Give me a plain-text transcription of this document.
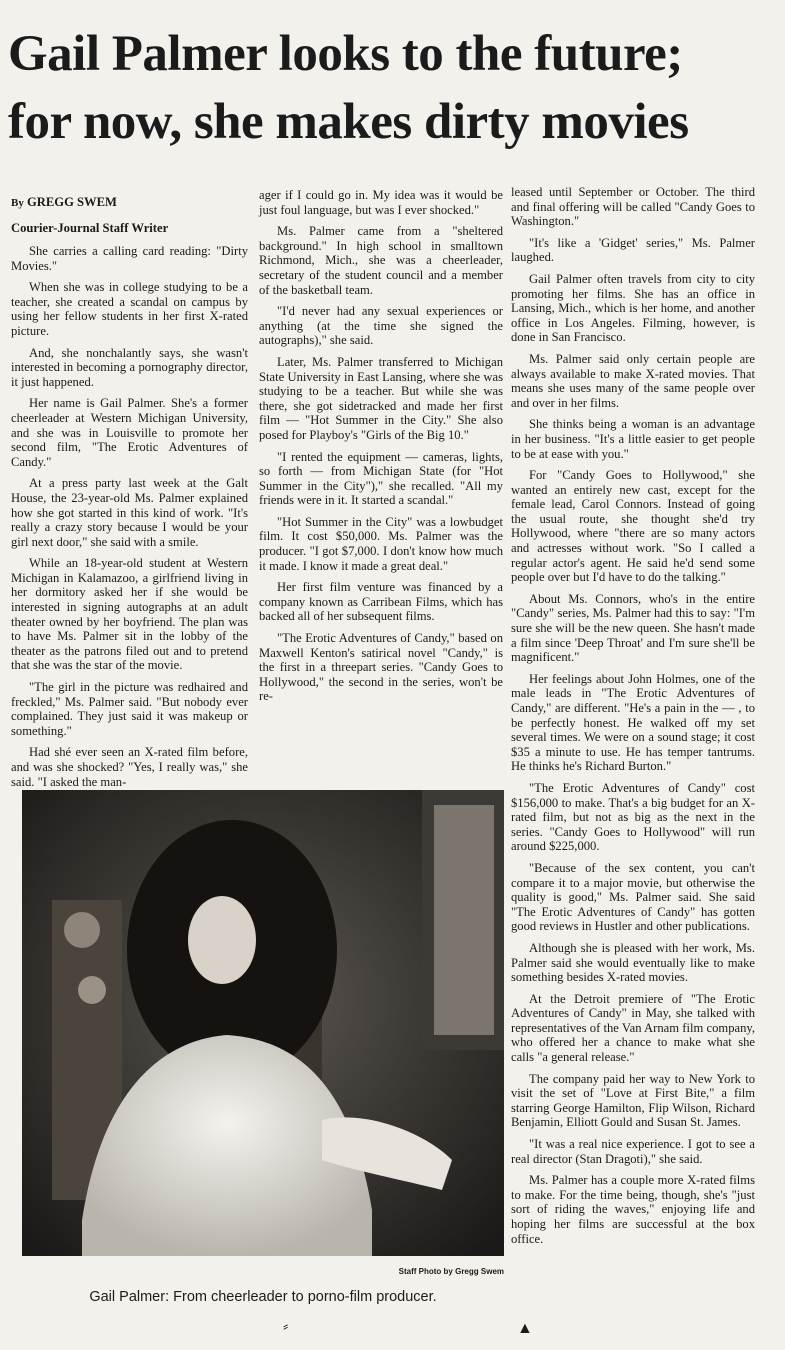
Gail Palmer looks to the future;
for now, she makes dirty movies

By GREGG SWEM

Courier-Journal Staff Writer

She carries a calling card reading: "Dirty Movies."

When she was in college studying to be a teacher, she created a scandal on campus by using her fellow students in her first X-rated picture.

And, she nonchalantly says, she wasn't interested in becoming a pornography director, it just happened.

Her name is Gail Palmer. She's a former cheerleader at Western Michigan University, and she was in Louisville to promote her second film, "The Erotic Adventures of Candy."

At a press party last week at the Galt House, the 23-year-old Ms. Palmer explained how she got started in this kind of work. "It's really a crazy story because I would be your girl next door," she said with a smile.

While an 18-year-old student at Western Michigan in Kalamazoo, a girlfriend living in her dormitory asked her if she would be interested in signing autographs at an adult theater owned by her boyfriend. The plan was to have Ms. Palmer sit in the lobby of the theater as the patrons filed out and to pretend that she was the star of the movie.

"The girl in the picture was redhaired and freckled," Ms. Palmer said. "But nobody ever complained. They just said it was makeup or something."

Had shé ever seen an X-rated film before, and was she shocked? "Yes, I really was," she said. "I asked the man-

ager if I could go in. My idea was it would be just foul language, but was I ever shocked."

Ms. Palmer came from a "sheltered background." In high school in smalltown Richmond, Mich., she was a cheerleader, secretary of the student council and a member of the basketball team.

"I'd never had any sexual experiences or anything (at the time she signed the autographs)," she said.

Later, Ms. Palmer transferred to Michigan State University in East Lansing, where she was studying to be a teacher. But while she was there, she got sidetracked and made her first film — "Hot Summer in the City." She also posed for Playboy's "Girls of the Big 10."

"I rented the equipment — cameras, lights, so forth — from Michigan State (for "Hot Summer in the City")," she recalled. "All my friends were in it. It started a scandal."

"Hot Summer in the City" was a lowbudget film. It cost $50,000. Ms. Palmer was the producer. "I got $7,000. I don't know how much it made. I know it made a great deal."

Her first film venture was financed by a company known as Carribean Films, which has backed all of her subsequent films.

"The Erotic Adventures of Candy," based on Maxwell Kenton's satirical novel "Candy," is the first in a threepart series. "Candy Goes to Hollywood," the second in the series, won't be re-

leased until September or October. The third and final offering will be called "Candy Goes to Washington."

"It's like a 'Gidget' series," Ms. Palmer laughed.

Gail Palmer often travels from city to city promoting her films. She has an office in Lansing, Mich., which is her home, and another office in Los Angeles. Filming, however, is done in San Francisco.

Ms. Palmer said only certain people are always available to make X-rated movies. That means she uses many of the same people over and over in her films.

She thinks being a woman is an advantage in her business. "It's a little easier to get people to be at ease with you."

For "Candy Goes to Hollywood," she wanted an entirely new cast, except for the female lead, Carol Connors. Instead of going the usual route, she thought she'd try Hollywood, where "there are so many actors and actresses without work. "So I called a regular actor's agent. He said he'd send some people over but I'd have to do the talking."

About Ms. Connors, who's in the entire "Candy" series, Ms. Palmer had this to say: "I'm sure she will be the new queen. She hasn't made a film since 'Deep Throat' and I'm sure she'll be magnificent."

Her feelings about John Holmes, one of the male leads in "The Erotic Adventures of Candy," are different. "He's a pain in the — , to be perfectly honest. He walked off my set several times. We were on a sound stage; it cost $35 a minute to use. He has temper tantrums. He thinks he's Richard Burton."

"The Erotic Adventures of Candy" cost $156,000 to make. That's a big budget for an X-rated film, but not as big as the next in the series. "Candy Goes to Hollywood" will run around $225,000.

"Because of the sex content, you can't compare it to a major movie, but otherwise the quality is good," Ms. Palmer said. She said "The Erotic Adventures of Candy" has gotten good reviews in Hustler and other publications.

Although she is pleased with her work, Ms. Palmer said she would eventually like to make something besides X-rated movies.

At the Detroit premiere of "The Erotic Adventures of Candy" in May, she talked with representatives of the Van Arnam film company, who offered her a chance to make what she calls "a general release."

The company paid her way to New York to visit the set of "Love at First Bite," a film starring George Hamilton, Flip Wilson, Richard Benjamin, Elliott Gould and Susan St. James.

"It was a real nice experience. I got to see a real director (Stan Dragoti)," she said.

Ms. Palmer has a couple more X-rated films to make. For the time being, though, she's "just sort of riding the waves," enjoying life and hoping her films are successful at the box office.

Staff Photo by Gregg Swem
Gail Palmer: From cheerleader to porno-film producer.
⸗	▲
